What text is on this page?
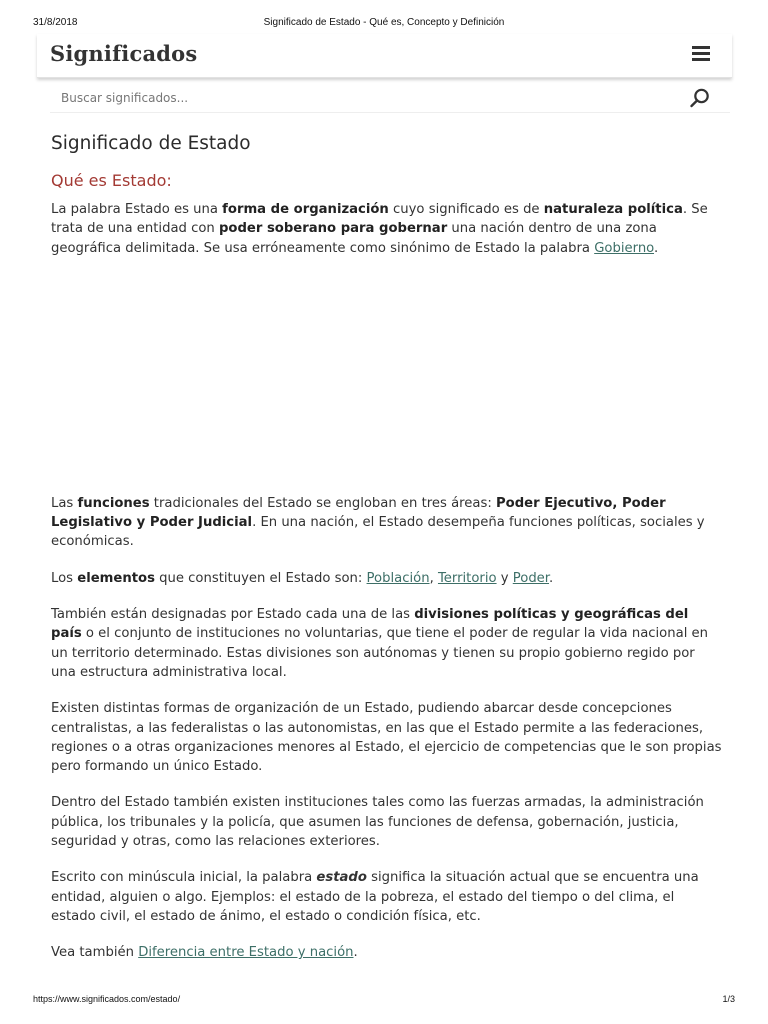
31/8/2018	Significado de Estado - Qué es, Concepto y Definición
Significados
Buscar significados...
Significado de Estado
Qué es Estado:

La palabra Estado es una forma de organización cuyo significado es de naturaleza política. Se trata de una entidad con poder soberano para gobernar una nación dentro de una zona geográfica delimitada. Se usa erróneamente como sinónimo de Estado la palabra Gobierno.

Las funciones tradicionales del Estado se engloban en tres áreas: Poder Ejecutivo, Poder Legislativo y Poder Judicial. En una nación, el Estado desempeña funciones políticas, sociales y económicas.

Los elementos que constituyen el Estado son: Población, Territorio y Poder.

También están designadas por Estado cada una de las divisiones políticas y geográficas del país o el conjunto de instituciones no voluntarias, que tiene el poder de regular la vida nacional en un territorio determinado. Estas divisiones son autónomas y tienen su propio gobierno regido por una estructura administrativa local.

Existen distintas formas de organización de un Estado, pudiendo abarcar desde concepciones centralistas, a las federalistas o las autonomistas, en las que el Estado permite a las federaciones, regiones o a otras organizaciones menores al Estado, el ejercicio de competencias que le son propias pero formando un único Estado.

Dentro del Estado también existen instituciones tales como las fuerzas armadas, la administración pública, los tribunales y la policía, que asumen las funciones de defensa, gobernación, justicia, seguridad y otras, como las relaciones exteriores.

Escrito con minúscula inicial, la palabra estado significa la situación actual que se encuentra una entidad, alguien o algo. Ejemplos: el estado de la pobreza, el estado del tiempo o del clima, el estado civil, el estado de ánimo, el estado o condición física, etc.

Vea también Diferencia entre Estado y nación.

https://www.significados.com/estado/	1/3
